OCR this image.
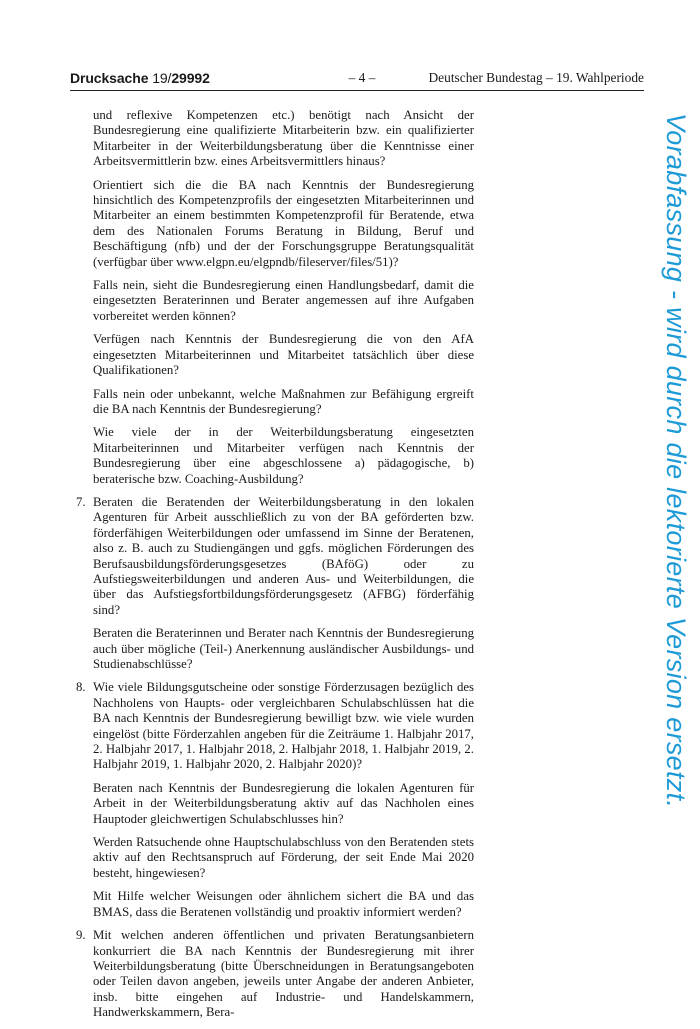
Drucksache 19/29992	– 4 –	Deutscher Bundestag – 19. Wahlperiode

und reflexive Kompetenzen etc.) benötigt nach Ansicht der Bundesregierung eine qualifizierte Mitarbeiterin bzw. ein qualifizierter Mitarbeiter in der Weiterbildungsberatung über die Kenntnisse einer Arbeitsvermittlerin bzw. eines Arbeitsvermittlers hinaus?

Orientiert sich die die BA nach Kenntnis der Bundesregierung hinsichtlich des Kompetenzprofils der eingesetzten Mitarbeiterinnen und Mitarbeiter an einem bestimmten Kompetenzprofil für Beratende, etwa dem des Nationalen Forums Beratung in Bildung, Beruf und Beschäftigung (nfb) und der der Forschungsgruppe Beratungsqualität (verfügbar über www.elgpn.eu/elgpndb/fileserver/files/51)?

Falls nein, sieht die Bundesregierung einen Handlungsbedarf, damit die eingesetzten Beraterinnen und Berater angemessen auf ihre Aufgaben vorbereitet werden können?

Verfügen nach Kenntnis der Bundesregierung die von den AfA eingesetzten Mitarbeiterinnen und Mitarbeitet tatsächlich über diese Qualifikationen?

Falls nein oder unbekannt, welche Maßnahmen zur Befähigung ergreift die BA nach Kenntnis der Bundesregierung?

Wie viele der in der Weiterbildungsberatung eingesetzten Mitarbeiterinnen und Mitarbeiter verfügen nach Kenntnis der Bundesregierung über eine abgeschlossene a) pädagogische, b) beraterische bzw. Coaching-Ausbildung?

7. Beraten die Beratenden der Weiterbildungsberatung in den lokalen Agenturen für Arbeit ausschließlich zu von der BA geförderten bzw. förderfähigen Weiterbildungen oder umfassend im Sinne der Beratenen, also z. B. auch zu Studiengängen und ggfs. möglichen Förderungen des Berufsausbildungsförderungsgesetzes (BAföG) oder zu Aufstiegsweiterbildungen und anderen Aus- und Weiterbildungen, die über das Aufstiegsfortbildungsförderungsgesetz (AFBG) förderfähig sind?

Beraten die Beraterinnen und Berater nach Kenntnis der Bundesregierung auch über mögliche (Teil-) Anerkennung ausländischer Ausbildungs- und Studienabschlüsse?

8. Wie viele Bildungsgutscheine oder sonstige Förderzusagen bezüglich des Nachholens von Haupts- oder vergleichbaren Schulabschlüssen hat die BA nach Kenntnis der Bundesregierung bewilligt bzw. wie viele wurden eingelöst (bitte Förderzahlen angeben für die Zeiträume 1. Halbjahr 2017, 2. Halbjahr 2017, 1. Halbjahr 2018, 2. Halbjahr 2018, 1. Halbjahr 2019, 2. Halbjahr 2019, 1. Halbjahr 2020, 2. Halbjahr 2020)?

Beraten nach Kenntnis der Bundesregierung die lokalen Agenturen für Arbeit in der Weiterbildungsberatung aktiv auf das Nachholen eines Hauptoder gleichwertigen Schulabschlusses hin?

Werden Ratsuchende ohne Hauptschulabschluss von den Beratenden stets aktiv auf den Rechtsanspruch auf Förderung, der seit Ende Mai 2020 besteht, hingewiesen?

Mit Hilfe welcher Weisungen oder ähnlichem sichert die BA und das BMAS, dass die Beratenen vollständig und proaktiv informiert werden?

9. Mit welchen anderen öffentlichen und privaten Beratungsanbietern konkurriert die BA nach Kenntnis der Bundesregierung mit ihrer Weiterbildungsberatung (bitte Überschneidungen in Beratungsangeboten oder Teilen davon angeben, jeweils unter Angabe der anderen Anbieter, insb. bitte eingehen auf Industrie- und Handelskammern, Handwerkskammern, Bera-
Vorabfassung - wird durch die lektorierte Version ersetzt.
